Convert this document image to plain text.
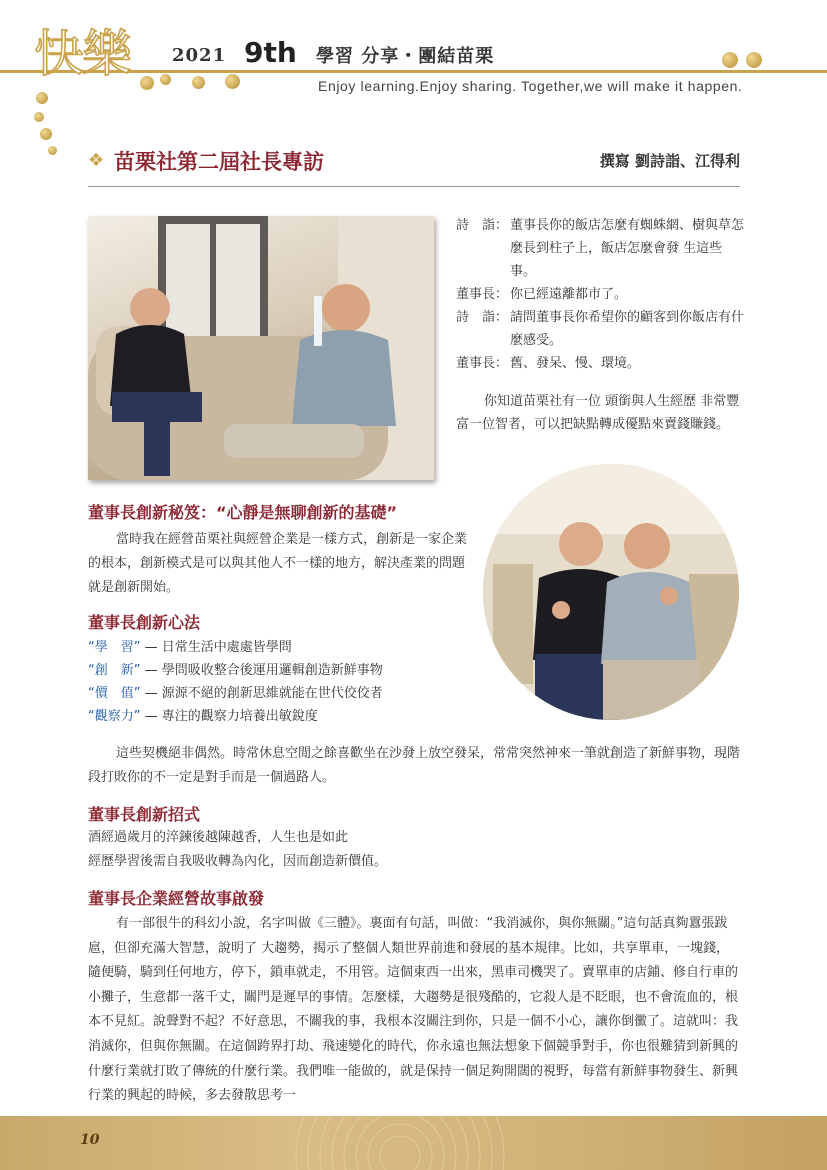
快樂 2021 9th 學習 分享・團結苗栗
Enjoy learning.Enjoy sharing. Together,we will make it happen.
❖ 苗栗社第二屆社長專訪	撰寫 劉詩詣、江得利
詩　詣： 董事長你的飯店怎麼有蜘蛛網、樹與草怎麼長到柱子上，飯店怎麼會發 生這些事。
董事長： 你已經遠離都市了。
詩　詣： 請問董事長你希望你的顧客到你飯店有什麼感受。
董事長： 舊、發呆、慢、環境。
你知道苗栗社有一位 頭銜與人生經歷 非常豐富一位智者，可以把缺點轉成優點來賣錢賺錢。
董事長創新秘笈：“心靜是無聊創新的基礎”
當時我在經營苗栗社與經營企業是一樣方式，創新是一家企業的根本，創新模式是可以與其他人不一樣的地方，解決產業的問題就是創新開始。
董事長創新心法
“學　習” — 日常生活中處處皆學問
“創　新” — 學問吸收整合後運用邏輯創造新鮮事物
“價　值” — 源源不絕的創新思維就能在世代佼佼者
“觀察力” — 專注的觀察力培養出敏銳度
這些契機絕非偶然。時常休息空閒之餘喜歡坐在沙發上放空發呆，常常突然神來一筆就創造了新鮮事物，現階段打敗你的不一定是對手而是一個過路人。
董事長創新招式
酒經過歲月的淬鍊後越陳越香，人生也是如此
經歷學習後需自我吸收轉為內化，因而創造新價值。
董事長企業經營故事啟發
有一部很牛的科幻小說，名字叫做《三體》。裏面有句話，叫做：“我消滅你，與你無關。”這句話真夠囂張跋扈，但卻充滿大智慧，說明了 大趨勢，揭示了整個人類世界前進和發展的基本規律。比如，共享單車，一塊錢，隨便騎，騎到任何地方，停下，鎖車就走，不用管。這個東西一出來，黑車司機哭了。賣單車的店鋪、修自行車的小攤子，生意都一落千丈，關門是遲早的事情。怎麼樣，大趨勢是很殘酷的，它殺人是不眨眼，也不會流血的，根本不見紅。說聲對不起？不好意思，不關我的事，我根本沒關注到你，只是一個不小心，讓你倒黴了。這就叫：我消滅你，但與你無關。在這個跨界打劫、飛速變化的時代，你永遠也無法想象下個競爭對手，你也很難猜到新興的什麼行業就打敗了傳統的什麼行業。我們唯一能做的，就是保持一個足夠開闊的視野，每當有新鮮事物發生、新興行業的興起的時候，多去發散思考一
10
